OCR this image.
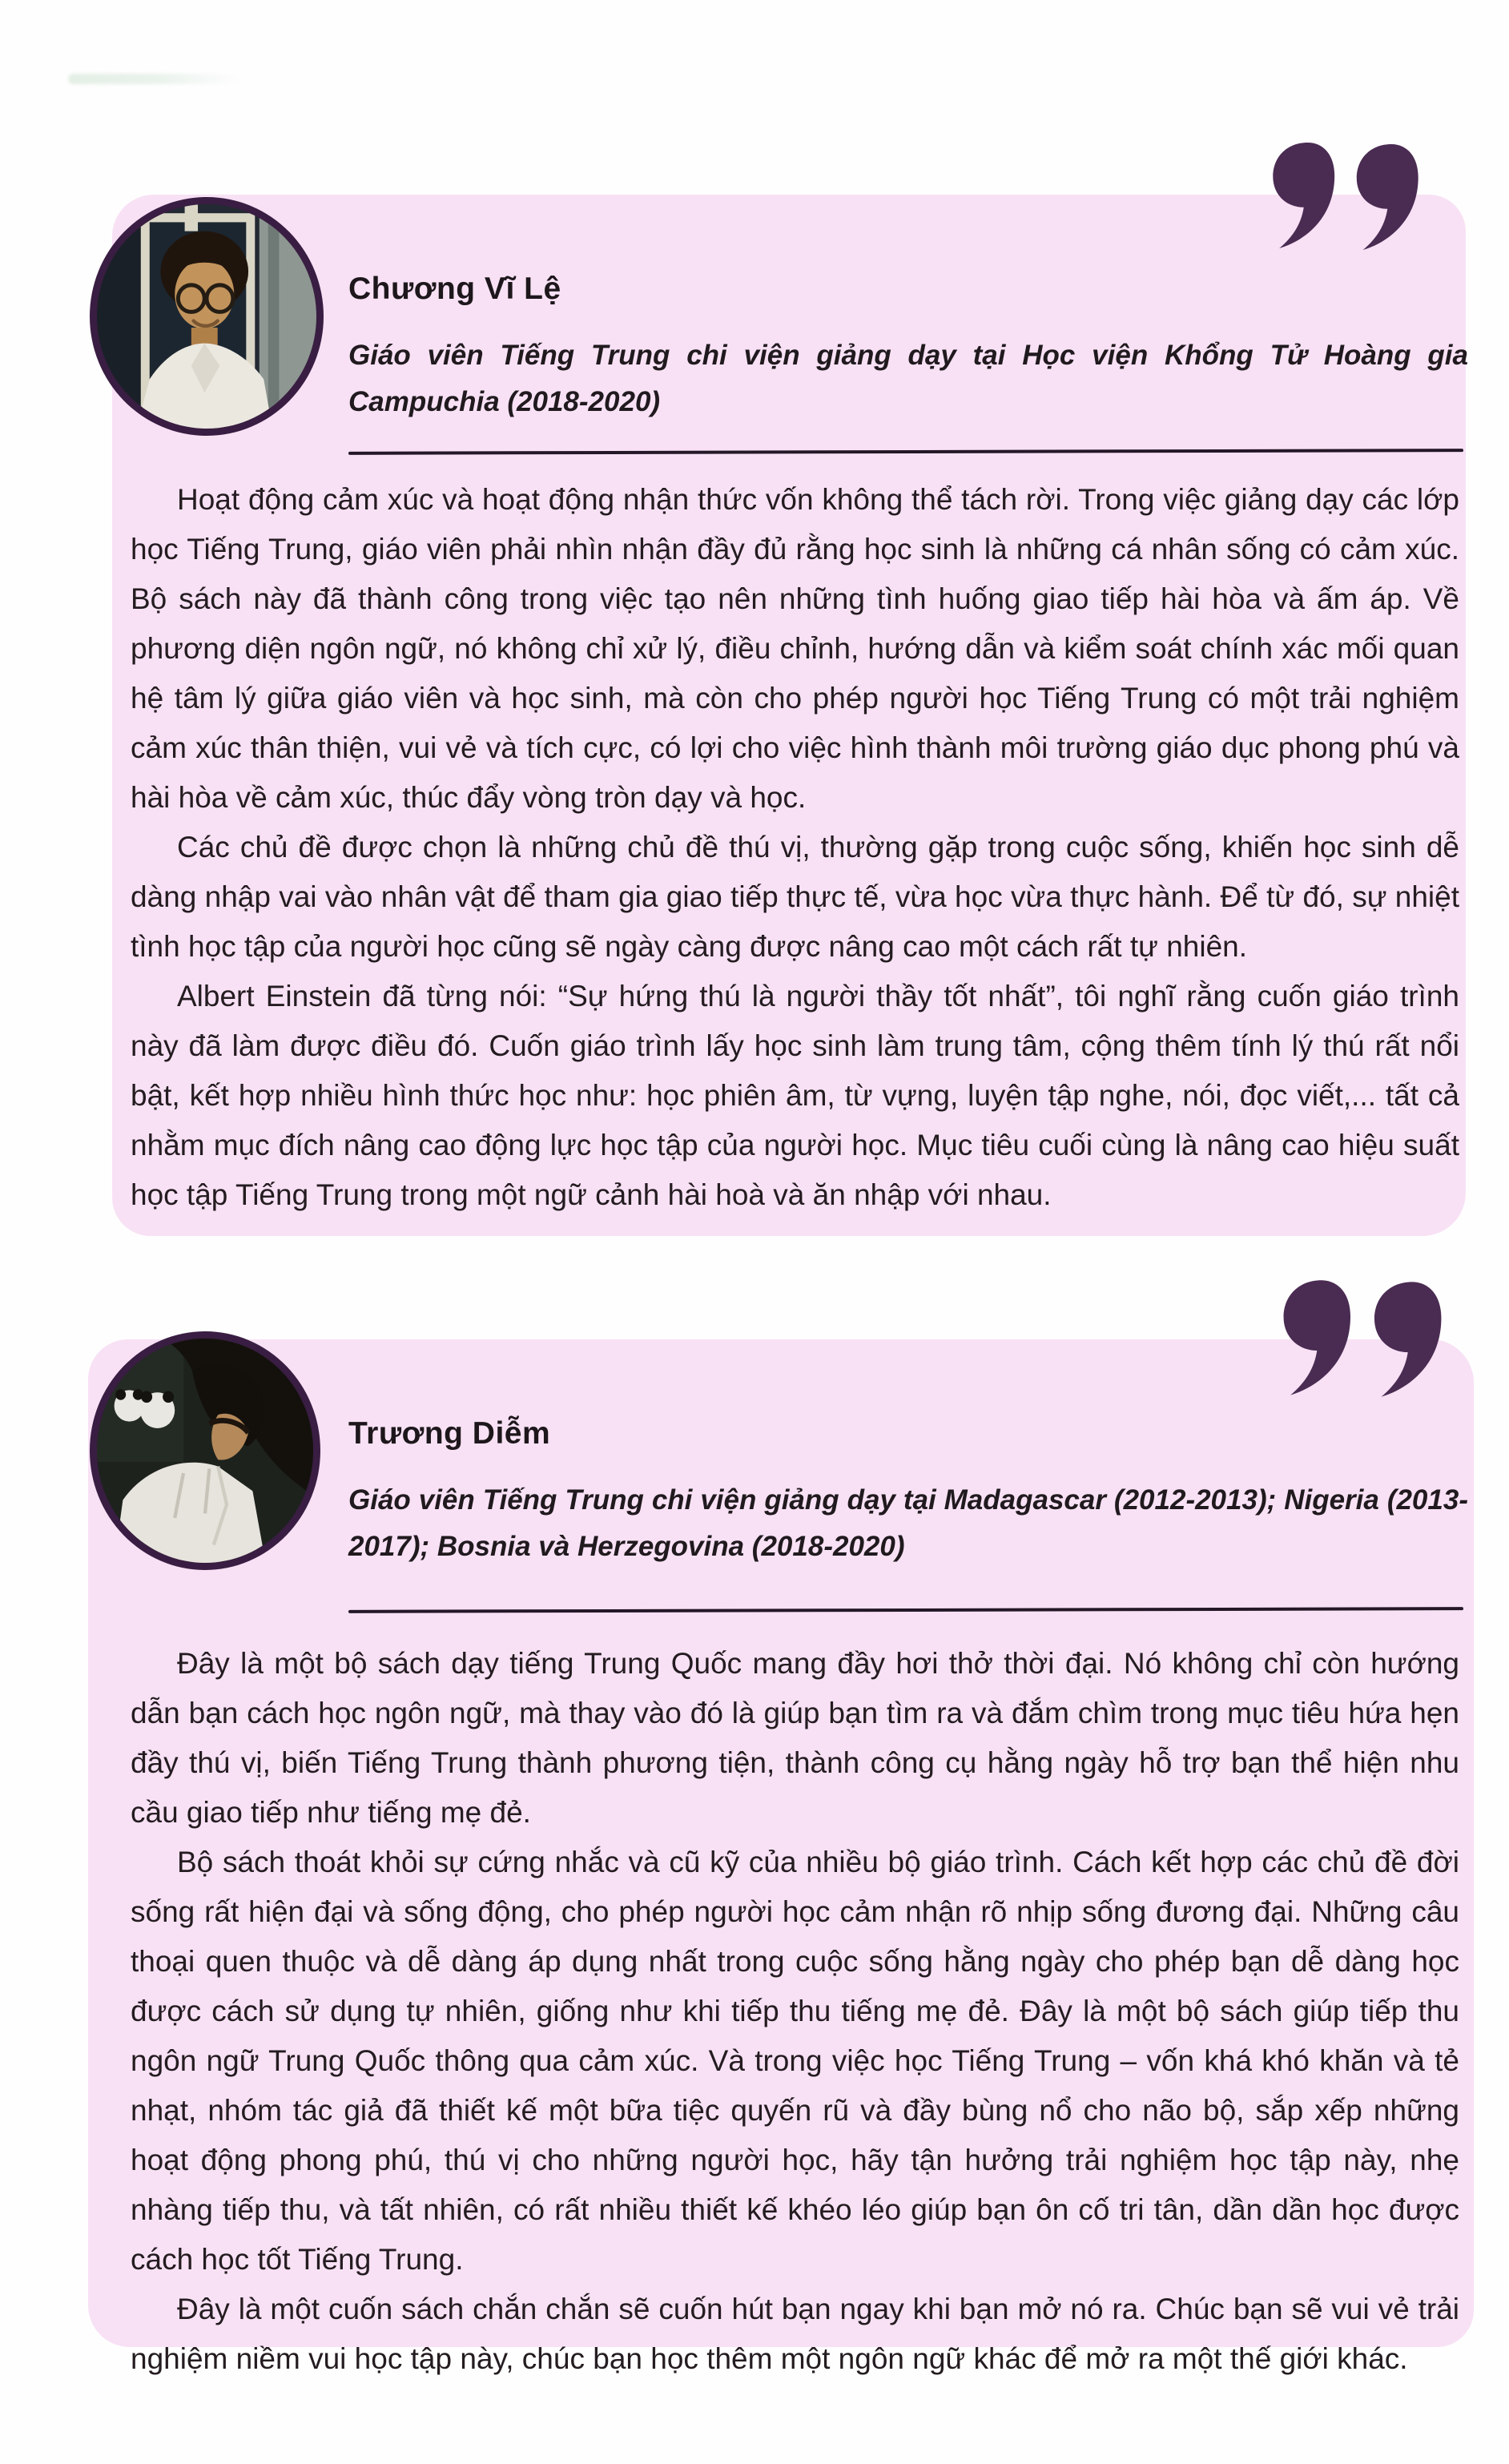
Chương Vĩ Lệ

Giáo viên Tiếng Trung chi viện giảng dạy tại Học viện Khổng Tử Hoàng gia Campuchia (2018-2020)

Hoạt động cảm xúc và hoạt động nhận thức vốn không thể tách rời. Trong việc giảng dạy các lớp học Tiếng Trung, giáo viên phải nhìn nhận đầy đủ rằng học sinh là những cá nhân sống có cảm xúc. Bộ sách này đã thành công trong việc tạo nên những tình huống giao tiếp hài hòa và ấm áp. Về phương diện ngôn ngữ, nó không chỉ xử lý, điều chỉnh, hướng dẫn và kiểm soát chính xác mối quan hệ tâm lý giữa giáo viên và học sinh, mà còn cho phép người học Tiếng Trung có một trải nghiệm cảm xúc thân thiện, vui vẻ và tích cực, có lợi cho việc hình thành môi trường giáo dục phong phú và hài hòa về cảm xúc, thúc đẩy vòng tròn dạy và học.

Các chủ đề được chọn là những chủ đề thú vị, thường gặp trong cuộc sống, khiến học sinh dễ dàng nhập vai vào nhân vật để tham gia giao tiếp thực tế, vừa học vừa thực hành. Để từ đó, sự nhiệt tình học tập của người học cũng sẽ ngày càng được nâng cao một cách rất tự nhiên.

Albert Einstein đã từng nói: “Sự hứng thú là người thầy tốt nhất”, tôi nghĩ rằng cuốn giáo trình này đã làm được điều đó. Cuốn giáo trình lấy học sinh làm trung tâm, cộng thêm tính lý thú rất nổi bật, kết hợp nhiều hình thức học như: học phiên âm, từ vựng, luyện tập nghe, nói, đọc viết,... tất cả nhằm mục đích nâng cao động lực học tập của người học. Mục tiêu cuối cùng là nâng cao hiệu suất học tập Tiếng Trung trong một ngữ cảnh hài hoà và ăn nhập với nhau.

Trương Diễm

Giáo viên Tiếng Trung chi viện giảng dạy tại Madagascar (2012-2013); Nigeria (2013-2017); Bosnia và Herzegovina (2018-2020)

Đây là một bộ sách dạy tiếng Trung Quốc mang đầy hơi thở thời đại. Nó không chỉ còn hướng dẫn bạn cách học ngôn ngữ, mà thay vào đó là giúp bạn tìm ra và đắm chìm trong mục tiêu hứa hẹn đầy thú vị, biến Tiếng Trung thành phương tiện, thành công cụ hằng ngày hỗ trợ bạn thể hiện nhu cầu giao tiếp như tiếng mẹ đẻ.

Bộ sách thoát khỏi sự cứng nhắc và cũ kỹ của nhiều bộ giáo trình. Cách kết hợp các chủ đề đời sống rất hiện đại và sống động, cho phép người học cảm nhận rõ nhịp sống đương đại. Những câu thoại quen thuộc và dễ dàng áp dụng nhất trong cuộc sống hằng ngày cho phép bạn dễ dàng học được cách sử dụng tự nhiên, giống như khi tiếp thu tiếng mẹ đẻ. Đây là một bộ sách giúp tiếp thu ngôn ngữ Trung Quốc thông qua cảm xúc. Và trong việc học Tiếng Trung – vốn khá khó khăn và tẻ nhạt, nhóm tác giả đã thiết kế một bữa tiệc quyến rũ và đầy bùng nổ cho não bộ, sắp xếp những hoạt động phong phú, thú vị cho những người học, hãy tận hưởng trải nghiệm học tập này, nhẹ nhàng tiếp thu, và tất nhiên, có rất nhiều thiết kế khéo léo giúp bạn ôn cố tri tân, dần dần học được cách học tốt Tiếng Trung.

Đây là một cuốn sách chắn chắn sẽ cuốn hút bạn ngay khi bạn mở nó ra. Chúc bạn sẽ vui vẻ trải nghiệm niềm vui học tập này, chúc bạn học thêm một ngôn ngữ khác để mở ra một thế giới khác.
